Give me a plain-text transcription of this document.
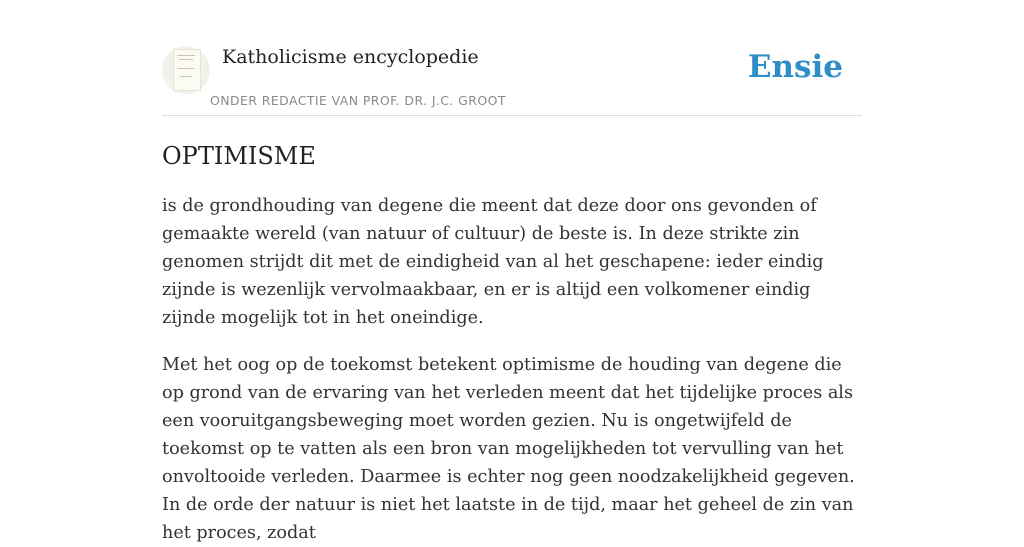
Katholicisme encyclopedie
ONDER REDACTIE VAN PROF. DR. J.C. GROOT
Ensie
OPTIMISME

is de grondhouding van degene die meent dat deze door ons gevonden of gemaakte wereld (van natuur of cultuur) de beste is. In deze strikte zin genomen strijdt dit met de eindigheid van al het geschapene: ieder eindig zijnde is wezenlijk vervolmaakbaar, en er is altijd een volkomener eindig zijnde mogelijk tot in het oneindige.

Met het oog op de toekomst betekent optimisme de houding van degene die op grond van de ervaring van het verleden meent dat het tijdelijke proces als een vooruitgangsbeweging moet worden gezien. Nu is ongetwijfeld de toekomst op te vatten als een bron van mogelijkheden tot vervulling van het onvoltooide verleden. Daarmee is echter nog geen noodzakelijkheid gegeven. In de orde der natuur is niet het laatste in de tijd, maar het geheel de zin van het proces, zodat
